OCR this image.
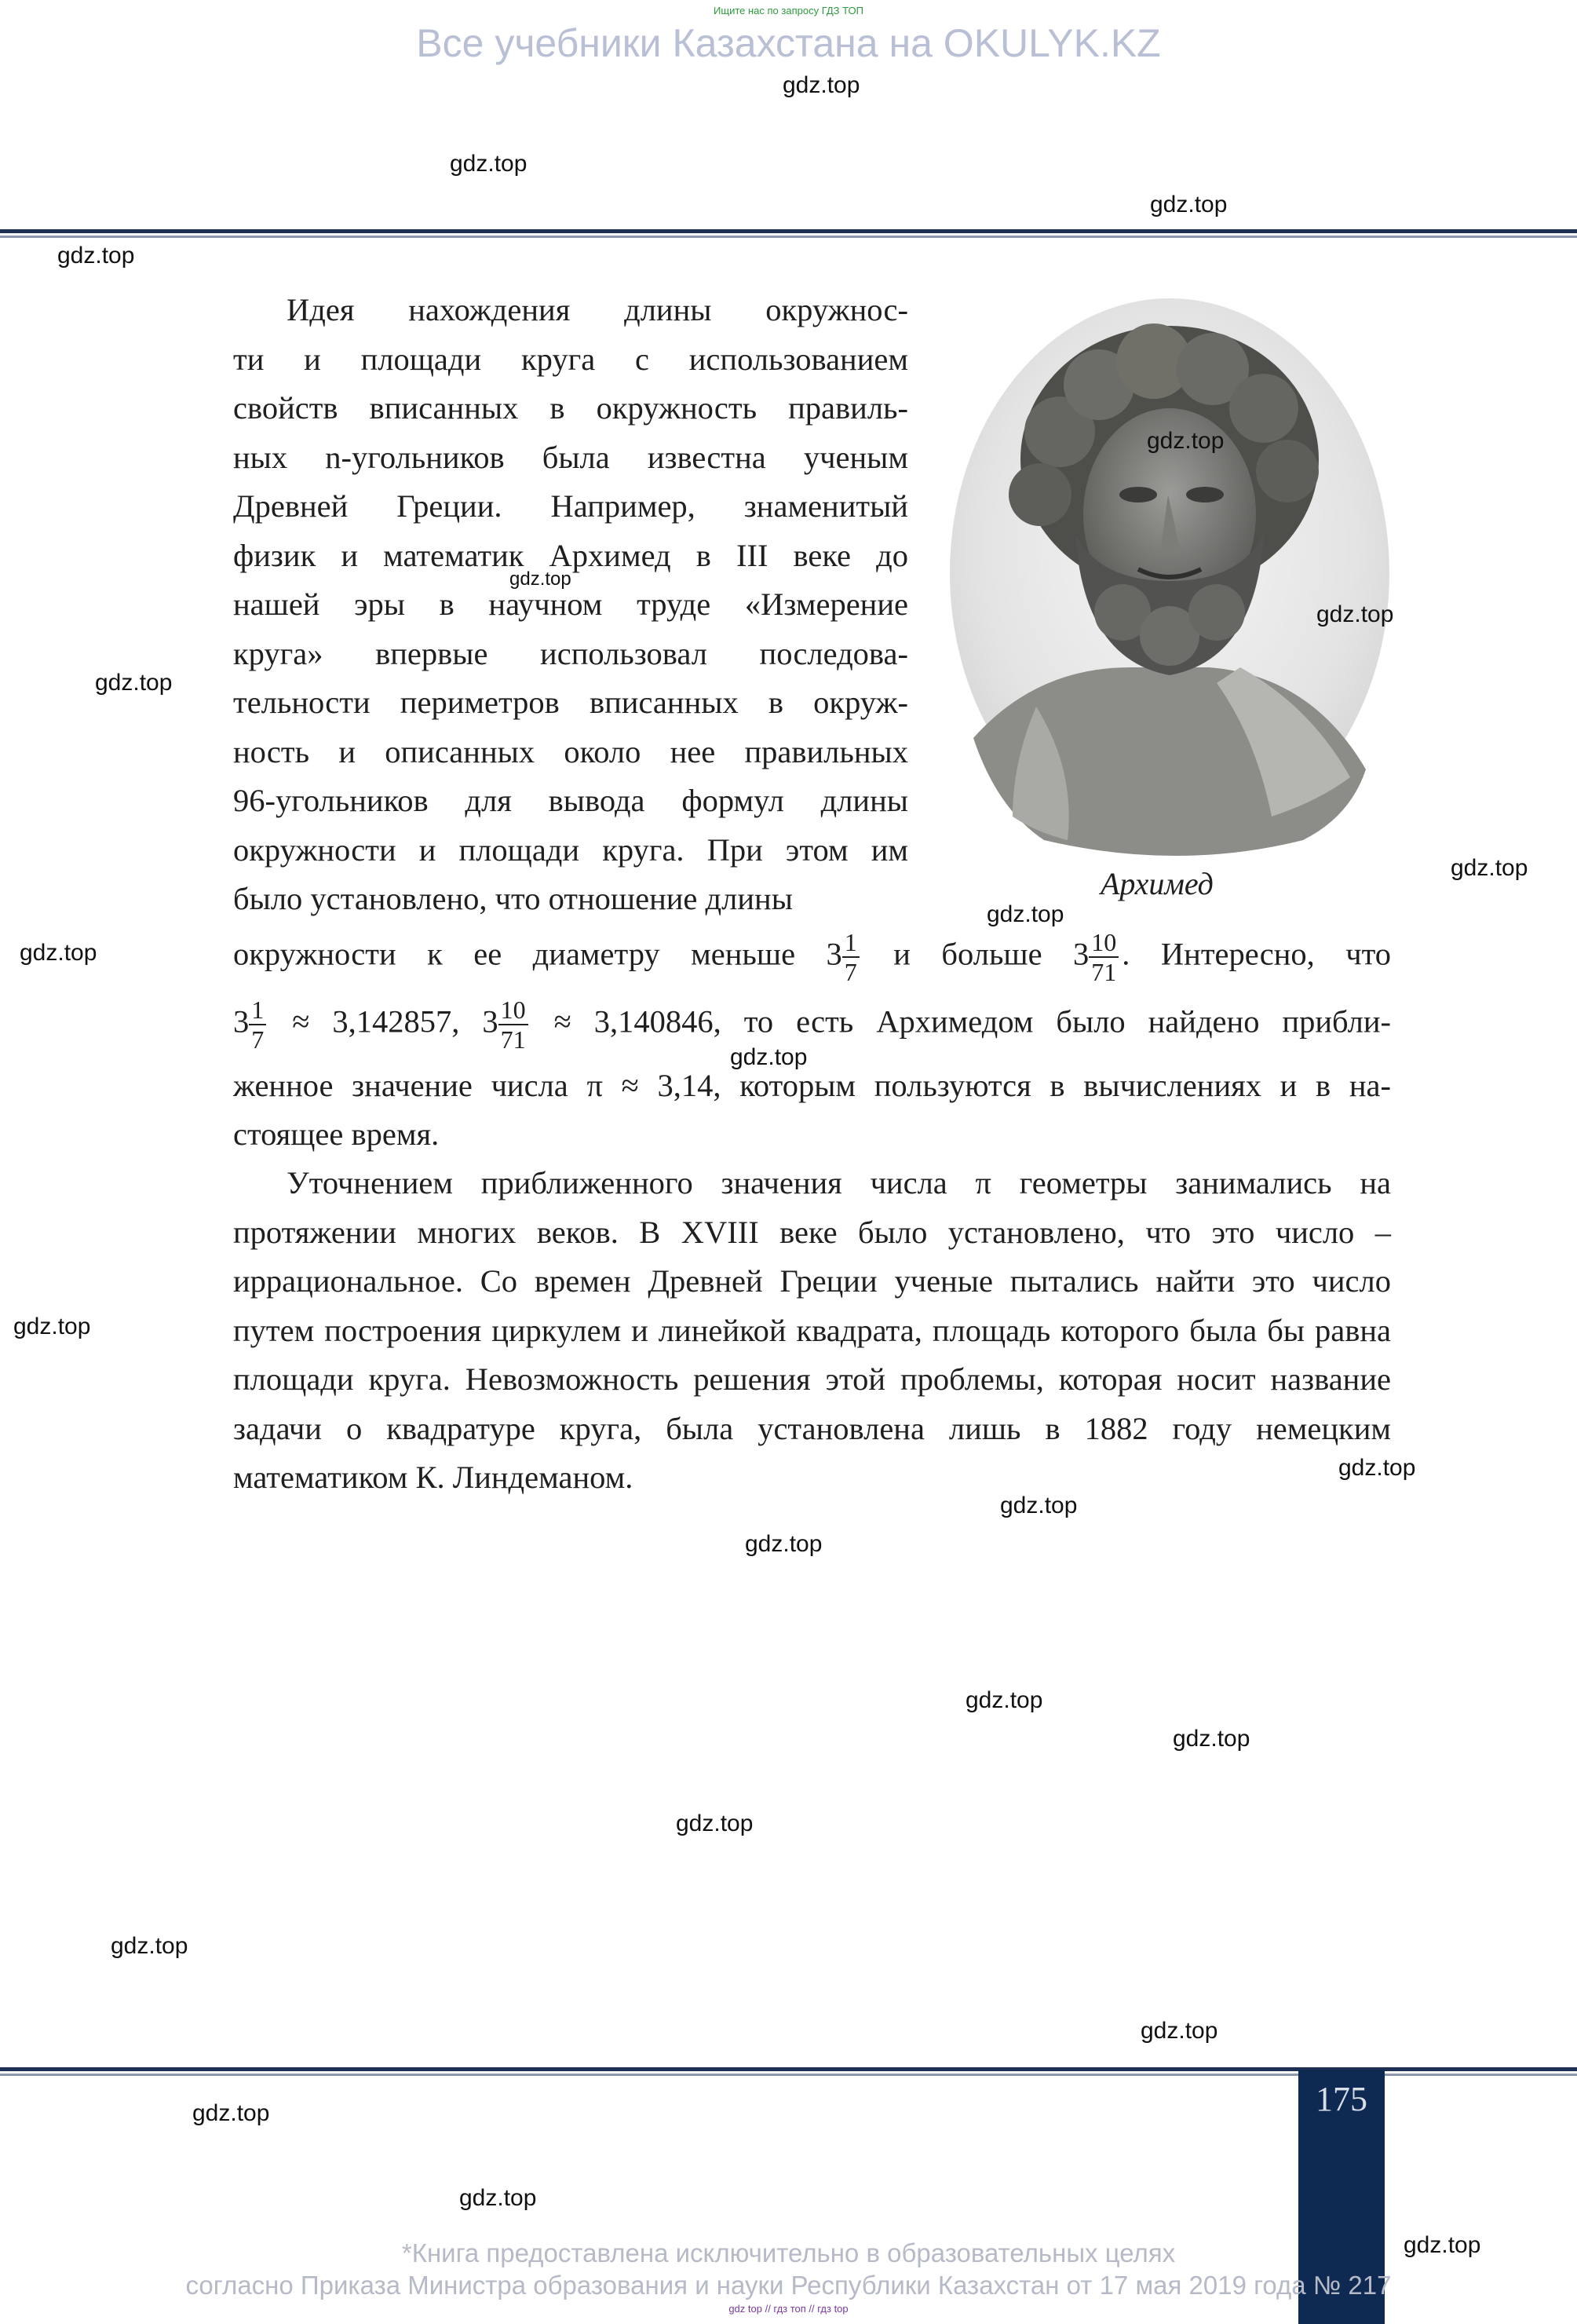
Ищите нас по запросу ГДЗ ТОП
Все учебники Казахстана на OKULYK.KZ
Идея нахождения длины окружнос-
ти и площади круга с использованием
свойств вписанных в окружность правиль-
ных n-угольников была известна ученым
Древней Греции. Например, знаменитый
физик и математик Архимед в III веке до
нашей эры в научном труде «Измерение
круга» впервые использовал последова-
тельности периметров вписанных в окруж-
ность и описанных около нее правильных
96-угольников для вывода формул длины
окружности и площади круга. При этом им
было установлено, что отношение длины	Архимед
окружности к ее диаметру меньше $3 \frac{1}{7}$ и больше $3 \frac{10}{71}$ . Интересно, что
$3 \frac{1}{7} \approx 3,142857$, $3 \frac{10}{71} \approx 3,140846$, то есть Архимедом было найдено прибли-
женное значение числа π ≈ 3,14, которым пользуются в вычислениях и в на-
стоящее время.

Уточнением приближенного значения числа π геометры занимались на протяжении многих веков. В XVIII веке было установлено, что это число – иррациональное. Со времен Древней Греции ученые пытались найти это число путем построения циркулем и линейкой квадрата, площадь которого была бы равна площади круга. Невозможность решения этой проблемы, которая носит название задачи о квадратуре круга, была установлена лишь в 1882 году немецким математиком К. Линдеманом.

175
*Книга предоставлена исключительно в образовательных целях
согласно Приказа Министра образования и науки Республики Казахстан от 17 мая 2019 года № 217
gdz top // гдз топ // гдз top
gdz.top
gdz.top
gdz.top
gdz.top
gdz.top
gdz.top
gdz.top
gdz.top
gdz.top
gdz.top
gdz.top
gdz.top
gdz.top
gdz.top
gdz.top
gdz.top
gdz.top
gdz.top
gdz.top
gdz.top
gdz.top
gdz.top
gdz.top
gdz.top
